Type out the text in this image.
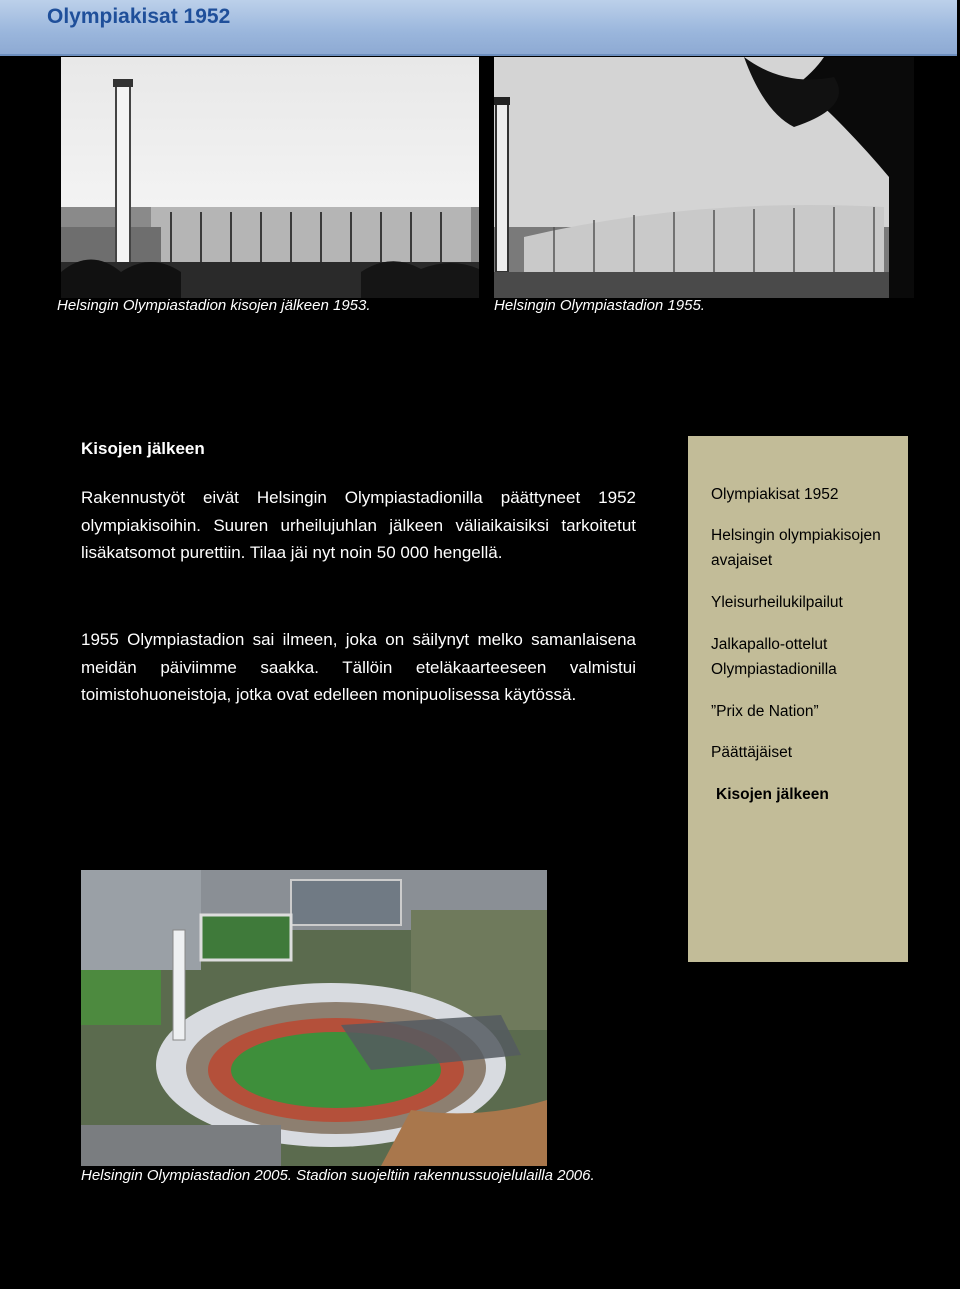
Olympiakisat 1952
Helsingin Olympiastadion kisojen jälkeen 1953.	Helsingin Olympiastadion 1955.
Kisojen jälkeen

Rakennustyöt eivät Helsingin Olympiastadionilla päättyneet 1952 olympiakisoihin. Suuren urheilujuhlan jälkeen väliaikaisiksi tarkoitetut lisäkatsomot purettiin. Tilaa jäi nyt noin 50 000 hengellä.

1955 Olympiastadion sai ilmeen, joka on säilynyt melko samanlaisena meidän päiviimme saakka. Tällöin eteläkaarteeseen valmistui toimistohuoneistoja, jotka ovat edelleen monipuolisessa käytössä.

Olympiakisat 1952
Helsingin olympiakisojen avajaiset
Yleisurheilukilpailut
Jalkapallo-ottelut Olympiastadionilla
”Prix de Nation”
Päättäjäiset
Kisojen jälkeen
Helsingin Olympiastadion 2005. Stadion suojeltiin rakennussuojelulailla 2006.
